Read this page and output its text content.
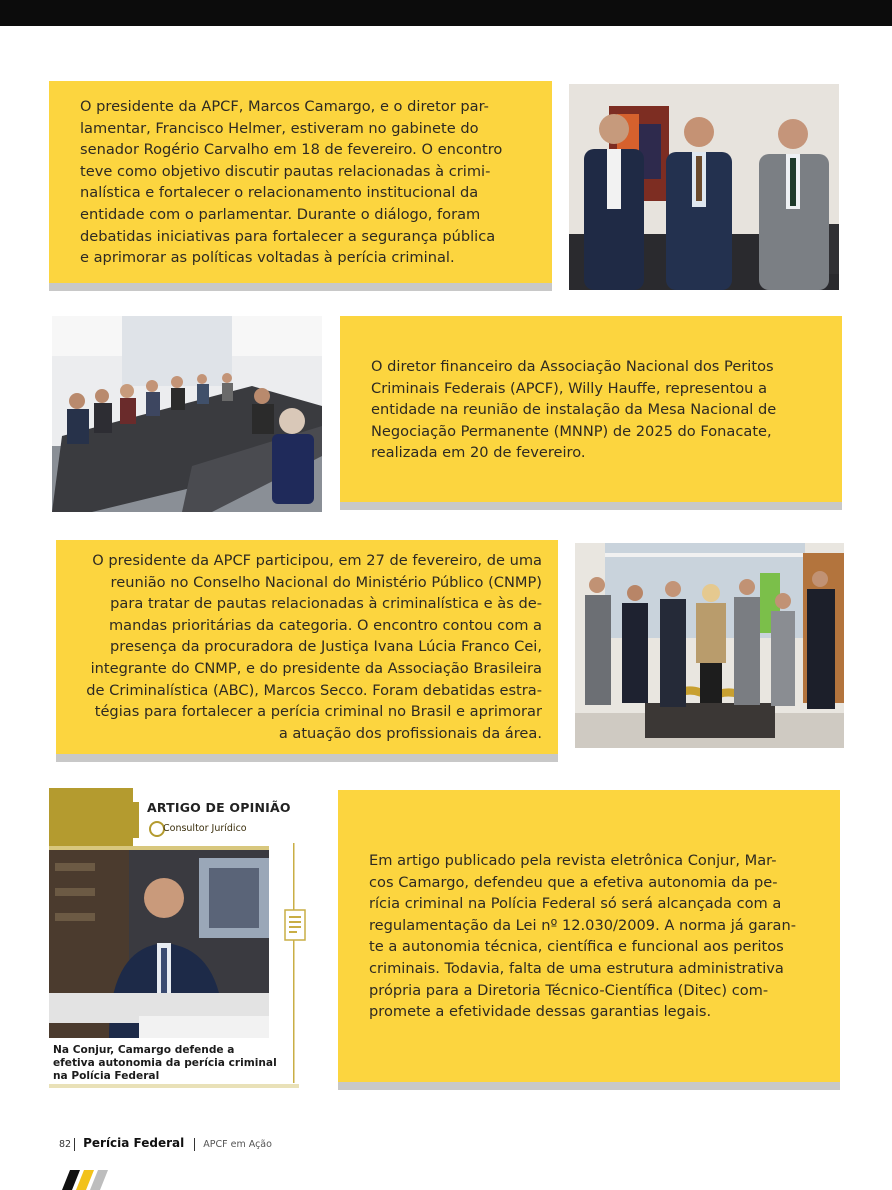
O presidente da APCF, Marcos Camargo, e o diretor par-
lamentar, Francisco Helmer, estiveram no gabinete do
senador Rogério Carvalho em 18 de fevereiro. O encontro
teve como objetivo discutir pautas relacionadas à crimi-
nalística e fortalecer o relacionamento institucional da
entidade com o parlamentar. Durante o diálogo, foram
debatidas iniciativas para fortalecer a segurança pública
e aprimorar as políticas voltadas à perícia criminal.

O diretor financeiro da Associação Nacional dos Peritos
Criminais Federais (APCF), Willy Hauffe, representou a
entidade na reunião de instalação da Mesa Nacional de
Negociação Permanente (MNNP) de 2025 do Fonacate,
realizada em 20 de fevereiro.

O presidente da APCF participou, em 27 de fevereiro, de uma
reunião no Conselho Nacional do Ministério Público (CNMP)
para tratar de pautas relacionadas à criminalística e às de-
mandas prioritárias da categoria. O encontro contou com a
presença da procuradora de Justiça Ivana Lúcia Franco Cei,
integrante do CNMP, e do presidente da Associação Brasileira
de Criminalística (ABC), Marcos Secco. Foram debatidas estra-
tégias para fortalecer a perícia criminal no Brasil e aprimorar
a atuação dos profissionais da área.

ARTIGO DE OPINIÃO
Consultor Jurídico
Na Conjur, Camargo defende a
efetiva autonomia da perícia criminal
na Polícia Federal

Em artigo publicado pela revista eletrônica Conjur, Mar-
cos Camargo, defendeu que a efetiva autonomia da pe-
rícia criminal na Polícia Federal só será alcançada com a
regulamentação da Lei nº 12.030/2009. A norma já garan-
te a autonomia técnica, científica e funcional aos peritos
criminais. Todavia, falta de uma estrutura administrativa
própria para a Diretoria Técnico-Científica (Ditec) com-
promete a efetividade dessas garantias legais.

82 Perícia Federal APCF em Ação
